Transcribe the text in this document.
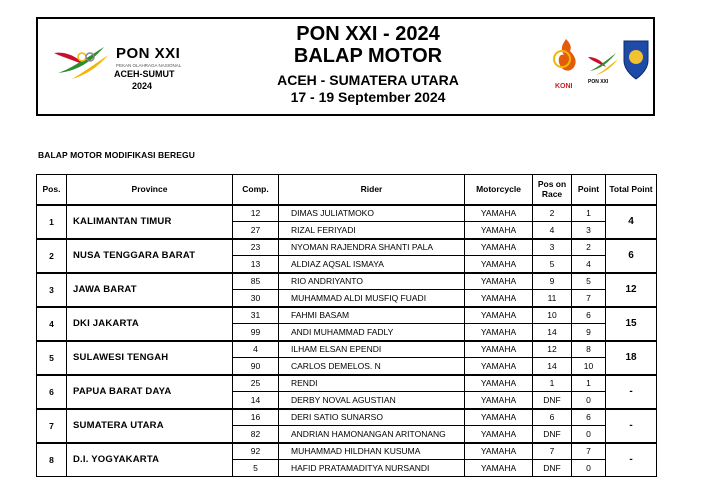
PON XXI
PEKAN OLAHRAGA NASIONAL
ACEH-SUMUT
2024
PON XXI - 2024
BALAP MOTOR
ACEH - SUMATERA UTARA
17 - 19 September 2024
KONI
PON XXI
BALAP MOTOR MODIFIKASI BEREGU
Pos.	Province	Comp.	Rider	Motorcycle	Pos on Race	Point	Total Point
1	KALIMANTAN TIMUR	12	DIMAS JULIATMOKO	YAMAHA	2	1	4
		27	RIZAL FERIYADI	YAMAHA	4	3	
2	NUSA TENGGARA BARAT	23	NYOMAN RAJENDRA SHANTI PALA	YAMAHA	3	2	6
		13	ALDIAZ AQSAL ISMAYA	YAMAHA	5	4	
3	JAWA BARAT	85	RIO ANDRIYANTO	YAMAHA	9	5	12
		30	MUHAMMAD ALDI MUSFIQ FUADI	YAMAHA	11	7	
4	DKI JAKARTA	31	FAHMI BASAM	YAMAHA	10	6	15
		99	ANDI MUHAMMAD FADLY	YAMAHA	14	9	
5	SULAWESI TENGAH	4	ILHAM ELSAN EPENDI	YAMAHA	12	8	18
		90	CARLOS DEMELOS. N	YAMAHA	14	10	
6	PAPUA BARAT DAYA	25	RENDI	YAMAHA	1	1	-
		14	DERBY NOVAL AGUSTIAN	YAMAHA	DNF	0	
7	SUMATERA UTARA	16	DERI SATIO SUNARSO	YAMAHA	6	6	-
		82	ANDRIAN HAMONANGAN ARITONANG	YAMAHA	DNF	0	
8	D.I. YOGYAKARTA	92	MUHAMMAD HILDHAN KUSUMA	YAMAHA	7	7	-
		5	HAFID PRATAMADITYA NURSANDI	YAMAHA	DNF	0	
